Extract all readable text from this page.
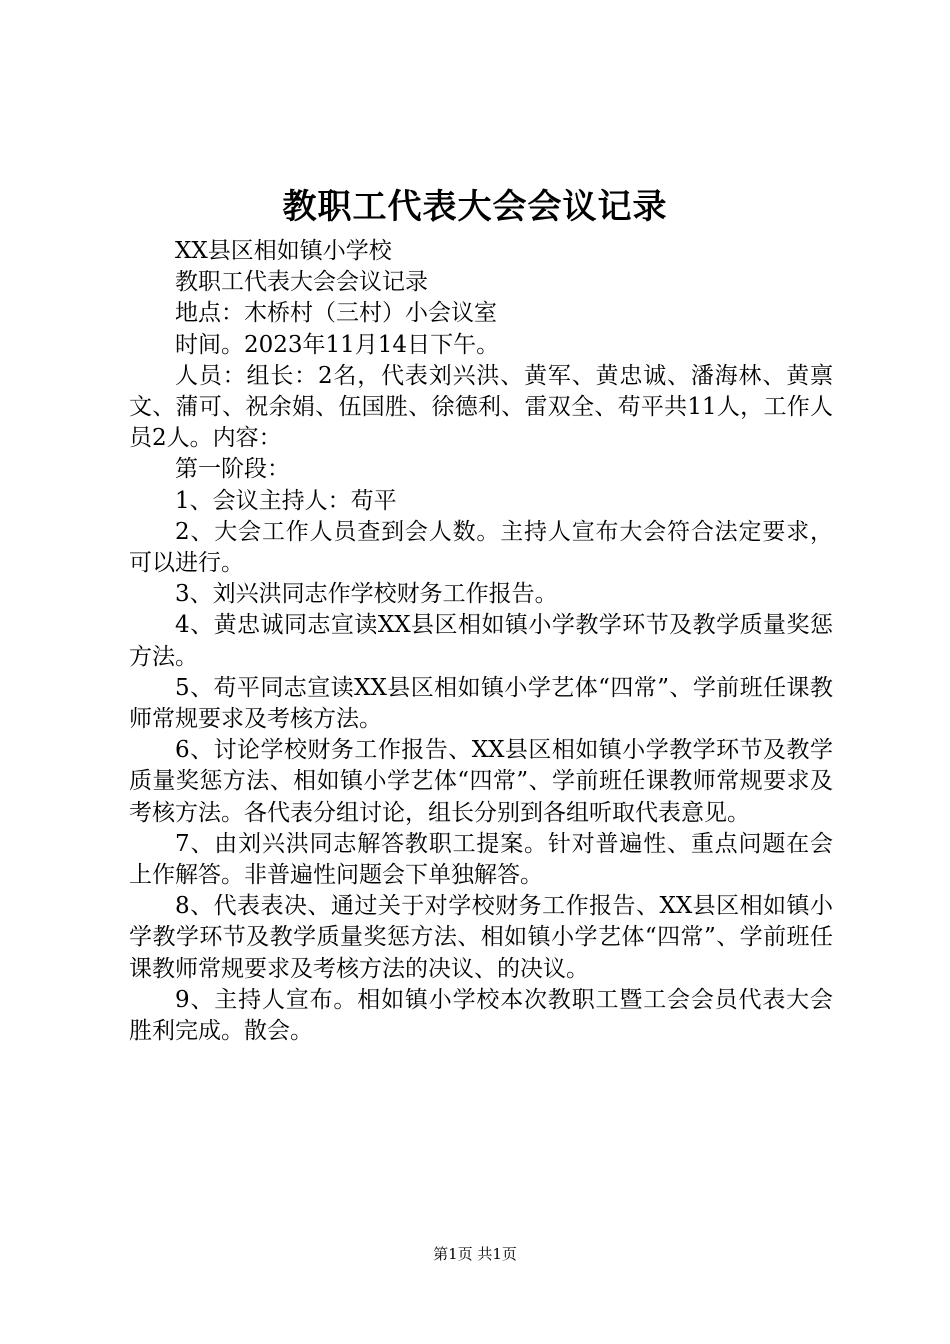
教职工代表大会会议记录

XX县区相如镇小学校

教职工代表大会会议记录

地点：木桥村（三村）小会议室

时间。2023年11月14日下午。

人员：组长：2名，代表刘兴洪、黄军、黄忠诚、潘海林、黄禀文、蒲可、祝余娟、伍国胜、徐德利、雷双全、苟平共11人，工作人员2人。内容：

第一阶段：

1、会议主持人：苟平

2、大会工作人员查到会人数。主持人宣布大会符合法定要求，可以进行。

3、刘兴洪同志作学校财务工作报告。

4、黄忠诚同志宣读XX县区相如镇小学教学环节及教学质量奖惩方法。

5、苟平同志宣读XX县区相如镇小学艺体“四常”、学前班任课教师常规要求及考核方法。

6、讨论学校财务工作报告、XX县区相如镇小学教学环节及教学质量奖惩方法、相如镇小学艺体“四常”、学前班任课教师常规要求及考核方法。各代表分组讨论，组长分别到各组听取代表意见。

7、由刘兴洪同志解答教职工提案。针对普遍性、重点问题在会上作解答。非普遍性问题会下单独解答。

8、代表表决、通过关于对学校财务工作报告、XX县区相如镇小学教学环节及教学质量奖惩方法、相如镇小学艺体“四常”、学前班任课教师常规要求及考核方法的决议、的决议。

9、主持人宣布。相如镇小学校本次教职工暨工会会员代表大会胜利完成。散会。

第1页 共1页
